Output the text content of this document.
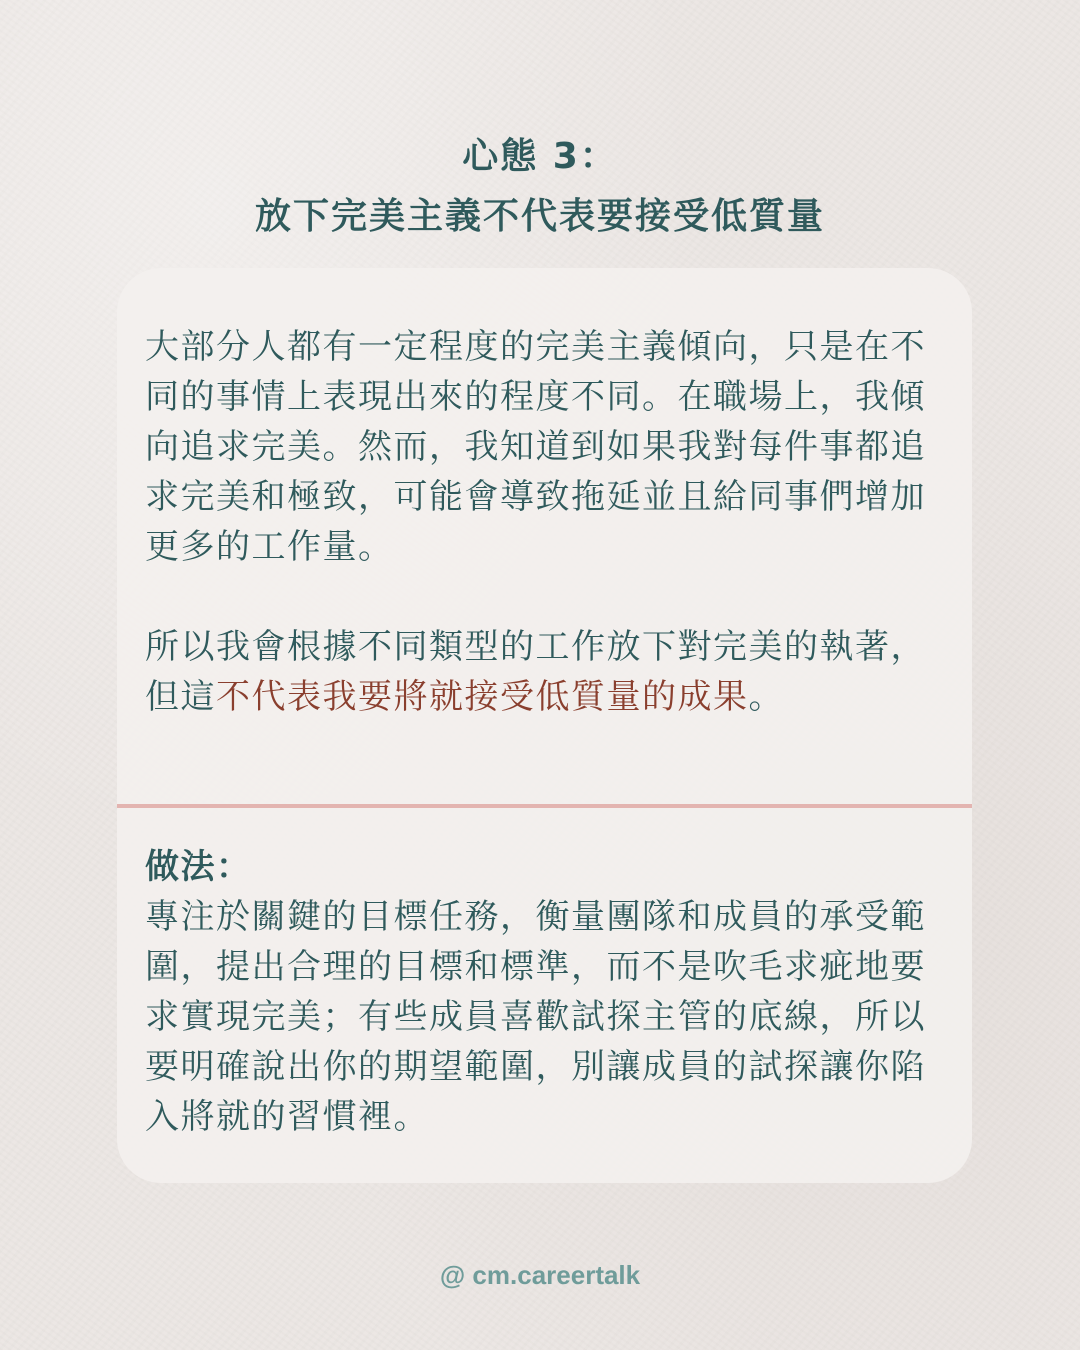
心態 3：
放下完美主義不代表要接受低質量

大部分人都有一定程度的完美主義傾向，只是在不同的事情上表現出來的程度不同。在職場上，我傾向追求完美。然而，我知道到如果我對每件事都追求完美和極致，可能會導致拖延並且給同事們增加更多的工作量。

所以我會根據不同類型的工作放下對完美的執著，但這不代表我要將就接受低質量的成果。

做法：

專注於關鍵的目標任務，衡量團隊和成員的承受範圍，提出合理的目標和標準，而不是吹毛求疵地要求實現完美；有些成員喜歡試探主管的底線，所以要明確說出你的期望範圍，別讓成員的試探讓你陷入將就的習慣裡。

@ cm.careertalk
